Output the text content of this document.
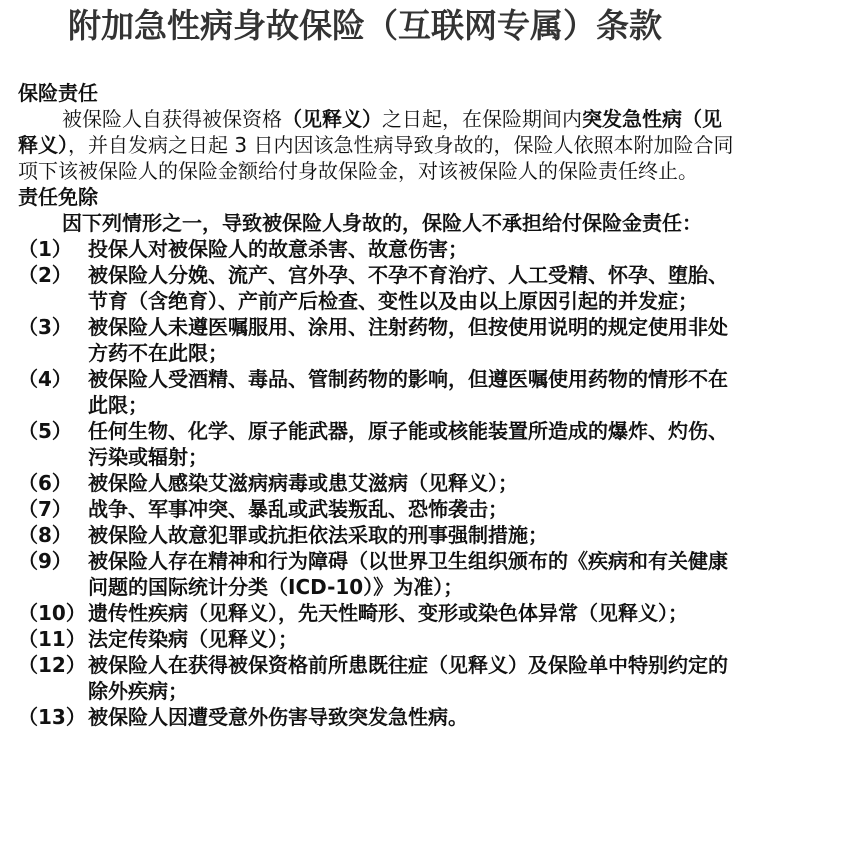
附加急性病身故保险（互联网专属）条款
保险责任
被保险人自获得被保资格（见释义）之日起，在保险期间内突发急性病（见
释义），并自发病之日起 3 日内因该急性病导致身故的，保险人依照本附加险合同
项下该被保险人的保险金额给付身故保险金，对该被保险人的保险责任终止。
责任免除
因下列情形之一，导致被保险人身故的，保险人不承担给付保险金责任：
（1） 投保人对被保险人的故意杀害、故意伤害；
（2） 被保险人分娩、流产、宫外孕、不孕不育治疗、人工受精、怀孕、堕胎、
节育（含绝育）、产前产后检查、变性以及由以上原因引起的并发症；
（3） 被保险人未遵医嘱服用、涂用、注射药物，但按使用说明的规定使用非处
方药不在此限；
（4） 被保险人受酒精、毒品、管制药物的影响，但遵医嘱使用药物的情形不在
此限；
（5） 任何生物、化学、原子能武器，原子能或核能装置所造成的爆炸、灼伤、
污染或辐射；
（6） 被保险人感染艾滋病病毒或患艾滋病（见释义）；
（7） 战争、军事冲突、暴乱或武装叛乱、恐怖袭击；
（8） 被保险人故意犯罪或抗拒依法采取的刑事强制措施；
（9） 被保险人存在精神和行为障碍（以世界卫生组织颁布的《疾病和有关健康
问题的国际统计分类（ICD-10）》为准）；
（10） 遗传性疾病（见释义），先天性畸形、变形或染色体异常（见释义）；
（11） 法定传染病（见释义）；
（12） 被保险人在获得被保资格前所患既往症（见释义）及保险单中特别约定的
除外疾病；
（13） 被保险人因遭受意外伤害导致突发急性病。
